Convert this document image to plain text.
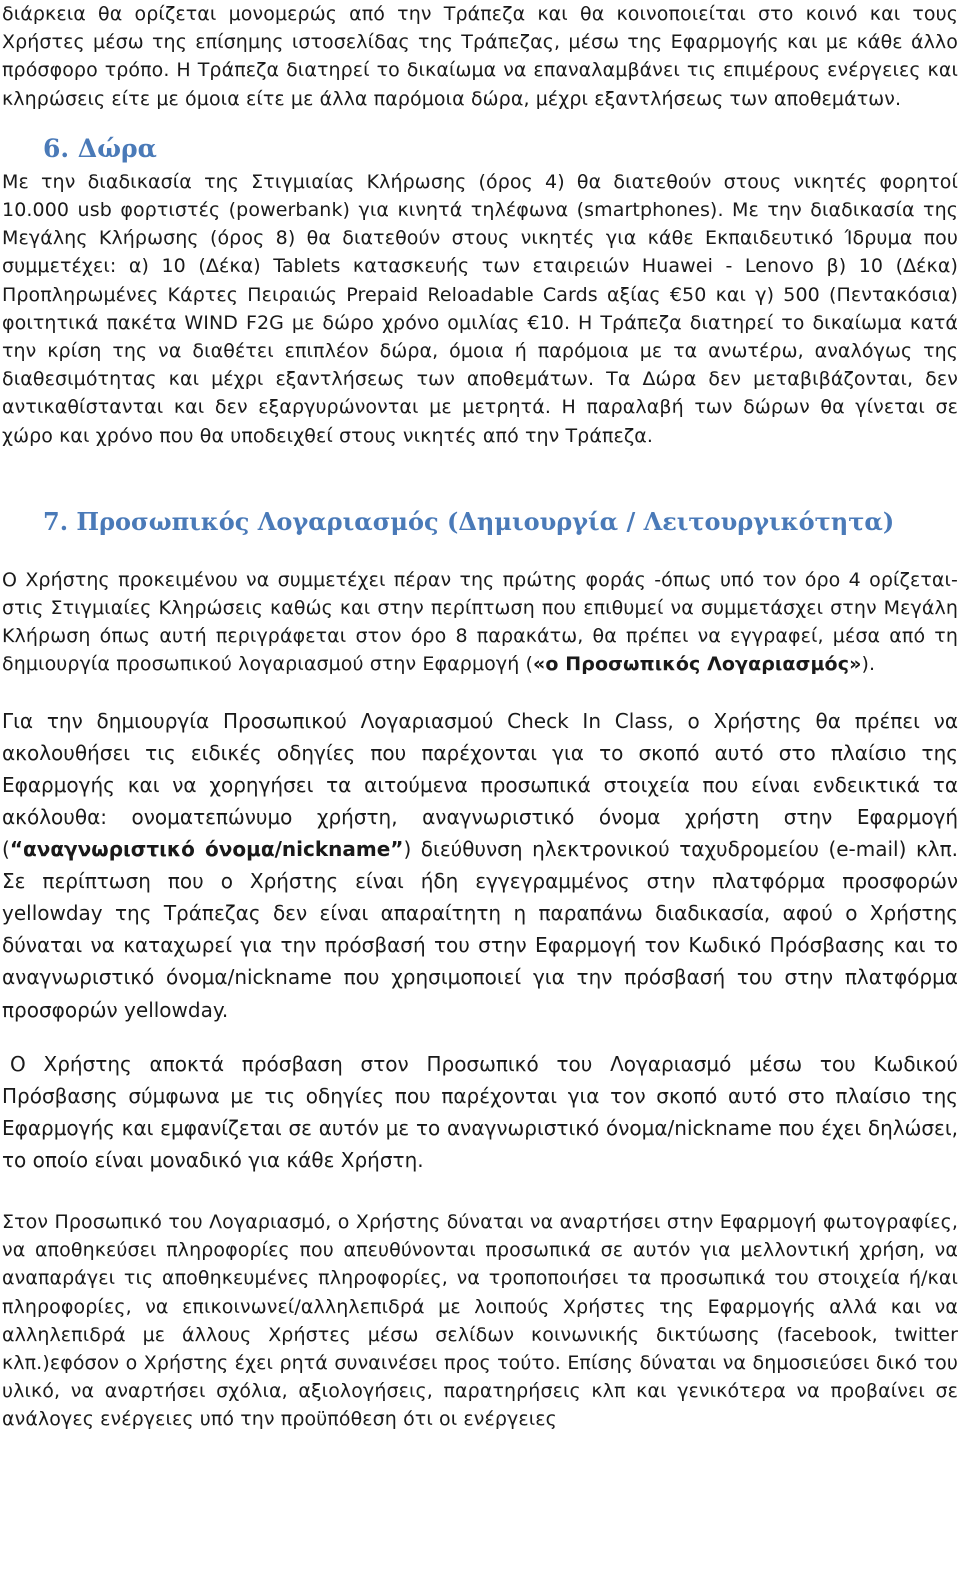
διάρκεια θα ορίζεται μονομερώς από την Τράπεζα και θα κοινοποιείται στο κοινό και τους Χρήστες μέσω της επίσημης ιστοσελίδας της Τράπεζας, μέσω της Εφαρμογής και με κάθε άλλο πρόσφορο τρόπο. Η Τράπεζα διατηρεί το δικαίωμα να επαναλαμβάνει τις επιμέρους ενέργειες και κληρώσεις είτε με όμοια είτε με άλλα παρόμοια δώρα, μέχρι εξαντλήσεως των αποθεμάτων.

6. Δώρα

Με την διαδικασία της Στιγμιαίας Κλήρωσης (όρος 4) θα διατεθούν στους νικητές φορητοί 10.000 usb φορτιστές (powerbank) για κινητά τηλέφωνα (smartphones). Με την διαδικασία της Μεγάλης Κλήρωσης (όρος 8) θα διατεθούν στους νικητές για κάθε Εκπαιδευτικό Ίδρυμα που συμμετέχει: α) 10 (Δέκα) Tablets κατασκευής των εταιρειών Huawei - Lenovo β) 10 (Δέκα) Προπληρωμένες Κάρτες Πειραιώς Prepaid Reloadable Cards αξίας €50 και γ) 500 (Πεντακόσια) φοιτητικά πακέτα WIND F2G με δώρο χρόνο ομιλίας €10. Η Τράπεζα διατηρεί το δικαίωμα κατά την κρίση της να διαθέτει επιπλέον δώρα, όμοια ή παρόμοια με τα ανωτέρω, αναλόγως της διαθεσιμότητας και μέχρι εξαντλήσεως των αποθεμάτων. Τα Δώρα δεν μεταβιβάζονται, δεν αντικαθίστανται και δεν εξαργυρώνονται με μετρητά. Η παραλαβή των δώρων θα γίνεται σε χώρο και χρόνο που θα υποδειχθεί στους νικητές από την Τράπεζα.

7. Προσωπικός Λογαριασμός (Δημιουργία / Λειτουργικότητα)

Ο Χρήστης προκειμένου να συμμετέχει πέραν της πρώτης φοράς -όπως υπό τον όρο 4 ορίζεται- στις Στιγμιαίες Κληρώσεις καθώς και στην περίπτωση που επιθυμεί να συμμετάσχει στην Μεγάλη Κλήρωση όπως αυτή περιγράφεται στον όρο 8 παρακάτω, θα πρέπει να εγγραφεί, μέσα από τη δημιουργία προσωπικού λογαριασμού στην Εφαρμογή («ο Προσωπικός Λογαριασμός»).

Για την δημιουργία Προσωπικού Λογαριασμού Check In Class, ο Χρήστης θα πρέπει να ακολουθήσει τις ειδικές οδηγίες που παρέχονται για το σκοπό αυτό στο πλαίσιο της Εφαρμογής και να χορηγήσει τα αιτούμενα προσωπικά στοιχεία που είναι ενδεικτικά τα ακόλουθα: ονοματεπώνυμο χρήστη, αναγνωριστικό όνομα χρήστη στην Εφαρμογή (“αναγνωριστικό όνομα/nickname”) διεύθυνση ηλεκτρονικού ταχυδρομείου (e-mail) κλπ. Σε περίπτωση που ο Χρήστης είναι ήδη εγγεγραμμένος στην πλατφόρμα προσφορών yellowday της Τράπεζας δεν είναι απαραίτητη η παραπάνω διαδικασία, αφού ο Χρήστης δύναται να καταχωρεί για την πρόσβασή του στην Εφαρμογή τον Κωδικό Πρόσβασης και το αναγνωριστικό όνομα/nickname που χρησιμοποιεί για την πρόσβασή του στην πλατφόρμα προσφορών yellowday.

Ο Χρήστης αποκτά πρόσβαση στον Προσωπικό του Λογαριασμό μέσω του Κωδικού Πρόσβασης σύμφωνα με τις οδηγίες που παρέχονται για τον σκοπό αυτό στο πλαίσιο της Εφαρμογής και εμφανίζεται σε αυτόν με το αναγνωριστικό όνομα/nickname που έχει δηλώσει, το οποίο είναι μοναδικό για κάθε Χρήστη.

Στον Προσωπικό του Λογαριασμό, ο Χρήστης δύναται να αναρτήσει στην Εφαρμογή φωτογραφίες, να αποθηκεύσει πληροφορίες που απευθύνονται προσωπικά σε αυτόν για μελλοντική χρήση, να αναπαράγει τις αποθηκευμένες πληροφορίες, να τροποποιήσει τα προσωπικά του στοιχεία ή/και πληροφορίες, να επικοινωνεί/αλληλεπιδρά με λοιπούς Χρήστες της Εφαρμογής αλλά και να αλληλεπιδρά με άλλους Χρήστες μέσω σελίδων κοινωνικής δικτύωσης (facebook, twitter κλπ.)εφόσον ο Χρήστης έχει ρητά συναινέσει προς τούτο. Επίσης δύναται να δημοσιεύσει δικό του υλικό, να αναρτήσει σχόλια, αξιολογήσεις, παρατηρήσεις κλπ και γενικότερα να προβαίνει σε ανάλογες ενέργειες υπό την προϋπόθεση ότι οι ενέργειες
